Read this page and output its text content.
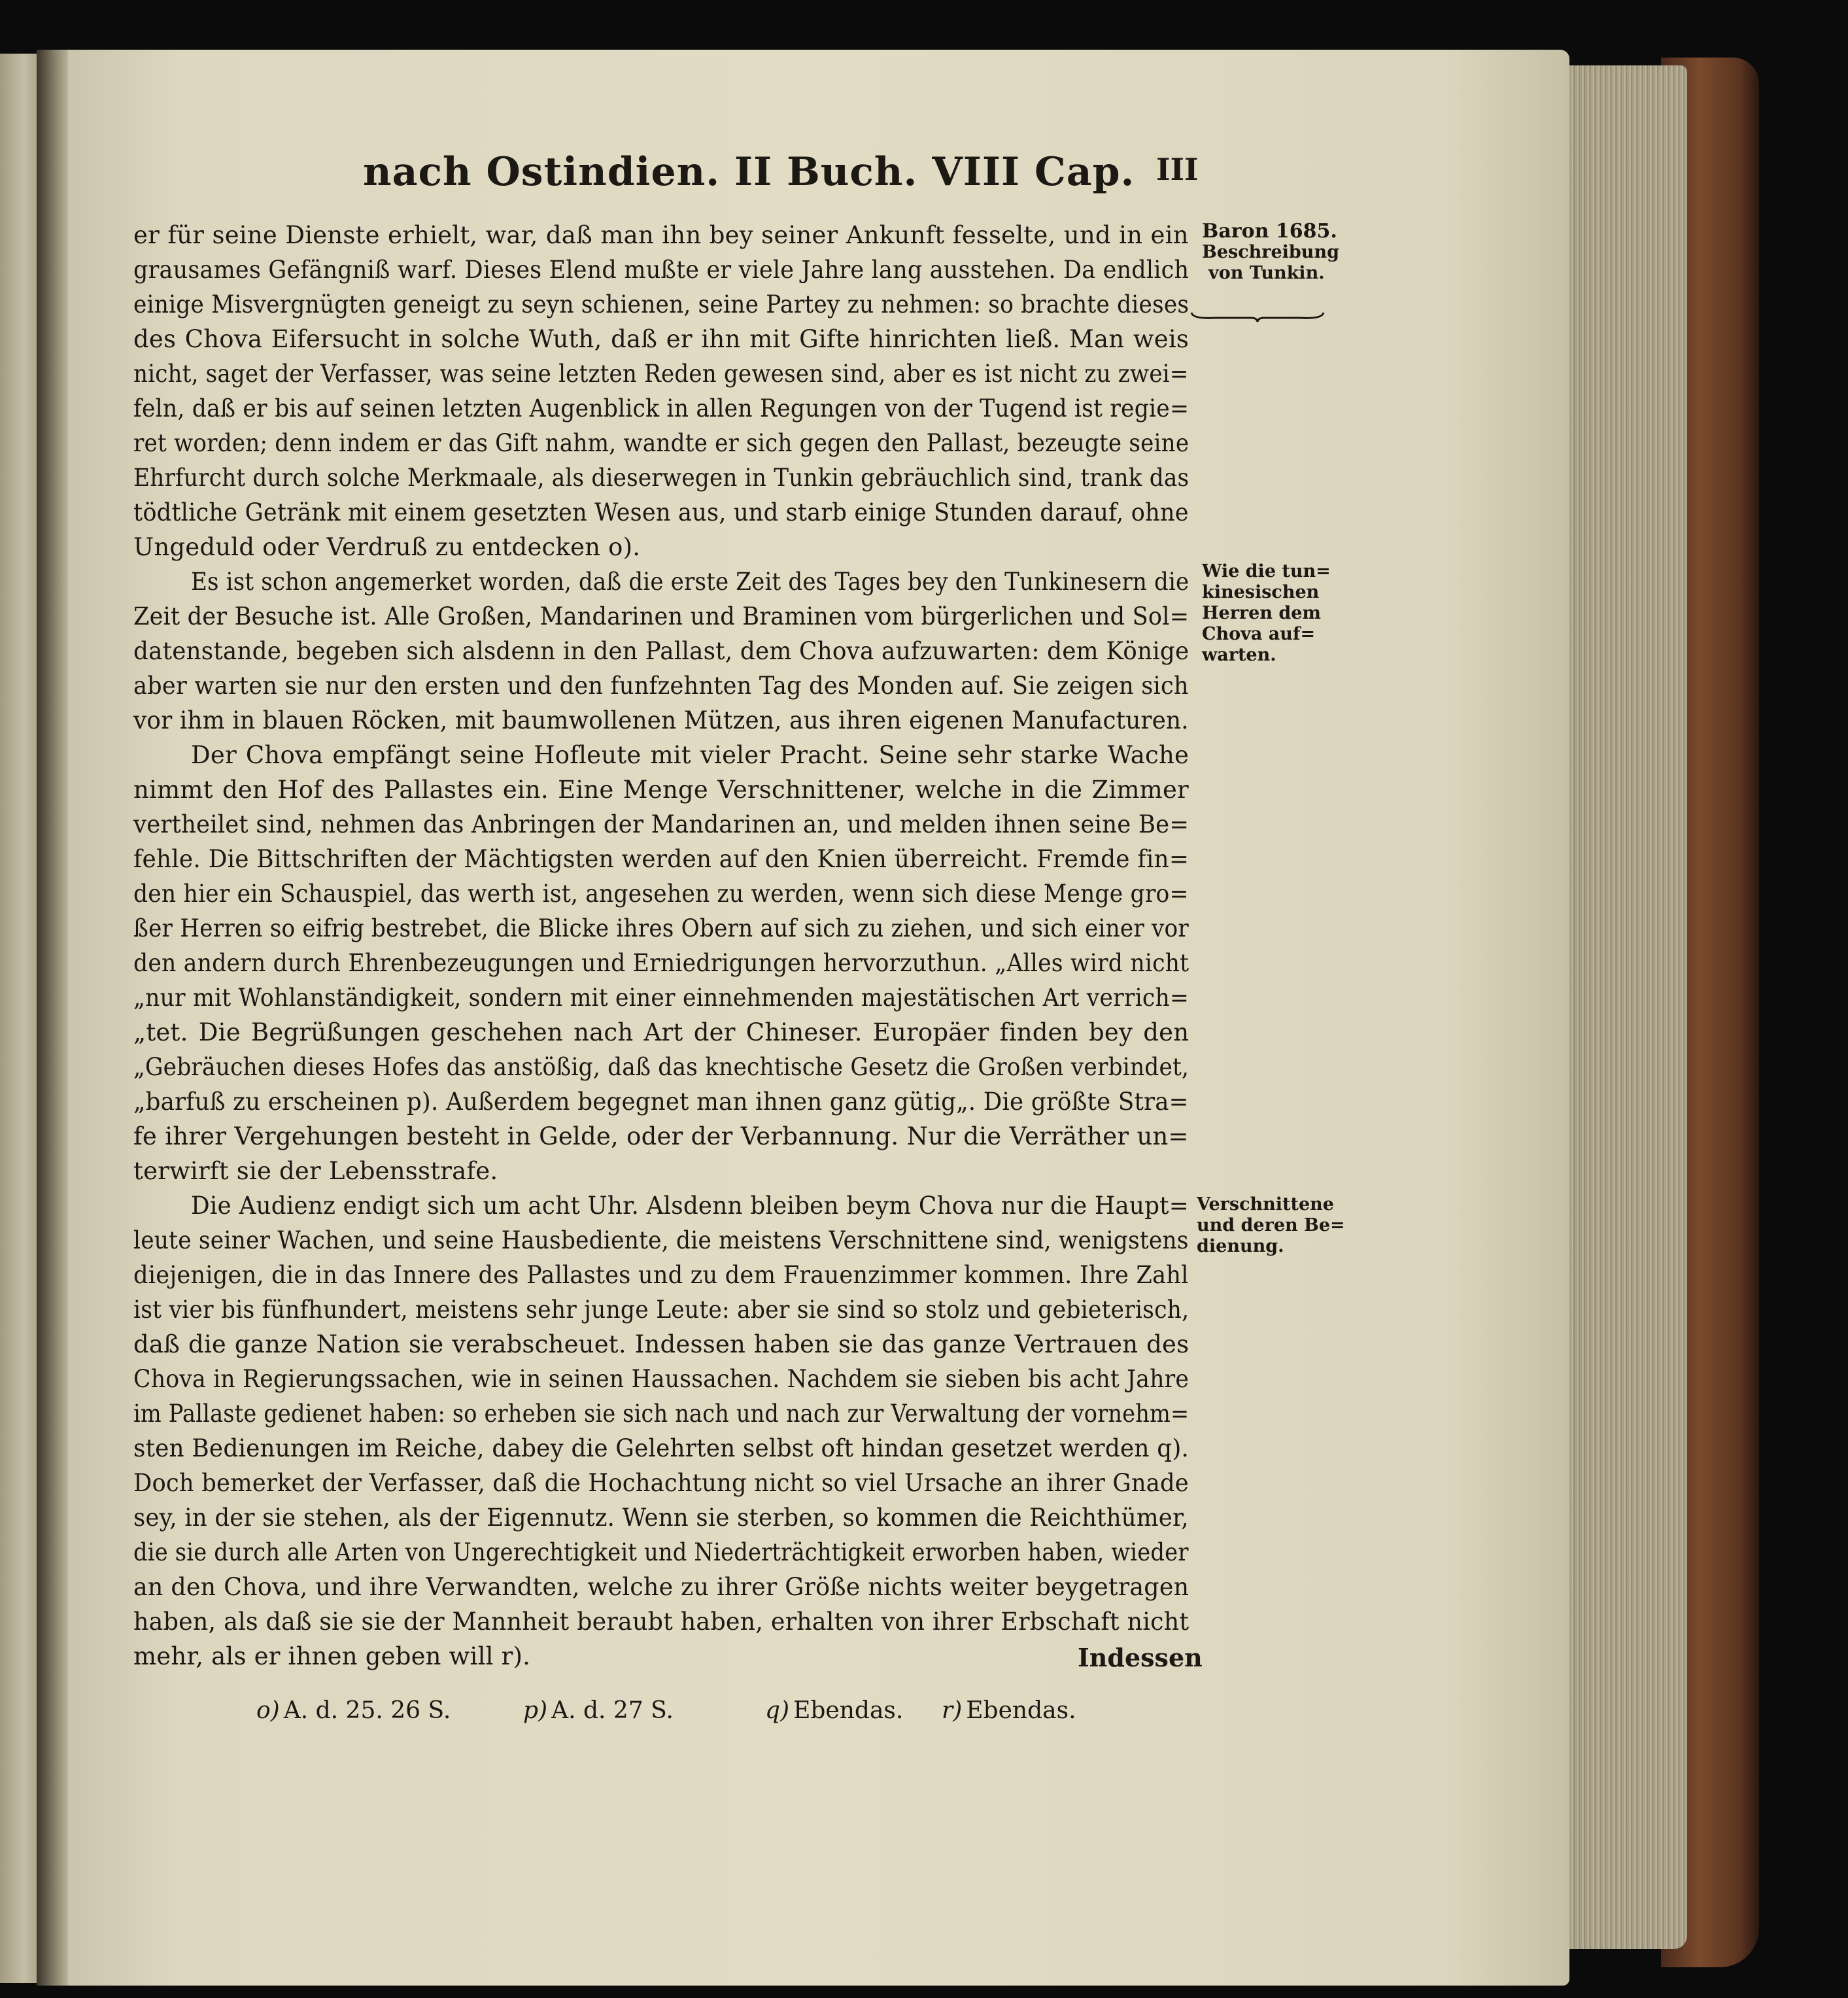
nach Ostindien. II Buch. VIII Cap. III
er für seine Dienste erhielt, war, daß man ihn bey seiner Ankunft fesselte, und in ein
grausames Gefängniß warf. Dieses Elend mußte er viele Jahre lang ausstehen. Da endlich
einige Misvergnügten geneigt zu seyn schienen, seine Partey zu nehmen: so brachte dieses
des Chova Eifersucht in solche Wuth, daß er ihn mit Gifte hinrichten ließ. Man weis
nicht, saget der Verfasser, was seine letzten Reden gewesen sind, aber es ist nicht zu zwei=
feln, daß er bis auf seinen letzten Augenblick in allen Regungen von der Tugend ist regie=
ret worden; denn indem er das Gift nahm, wandte er sich gegen den Pallast, bezeugte seine
Ehrfurcht durch solche Merkmaale, als dieserwegen in Tunkin gebräuchlich sind, trank das
tödtliche Getränk mit einem gesetzten Wesen aus, und starb einige Stunden darauf, ohne
Ungeduld oder Verdruß zu entdecken o).
Es ist schon angemerket worden, daß die erste Zeit des Tages bey den Tunkinesern die
Zeit der Besuche ist. Alle Großen, Mandarinen und Braminen vom bürgerlichen und Sol=
datenstande, begeben sich alsdenn in den Pallast, dem Chova aufzuwarten: dem Könige
aber warten sie nur den ersten und den funfzehnten Tag des Monden auf. Sie zeigen sich
vor ihm in blauen Röcken, mit baumwollenen Mützen, aus ihren eigenen Manufacturen.
Der Chova empfängt seine Hofleute mit vieler Pracht. Seine sehr starke Wache
nimmt den Hof des Pallastes ein. Eine Menge Verschnittener, welche in die Zimmer
vertheilet sind, nehmen das Anbringen der Mandarinen an, und melden ihnen seine Be=
fehle. Die Bittschriften der Mächtigsten werden auf den Knien überreicht. Fremde fin=
den hier ein Schauspiel, das werth ist, angesehen zu werden, wenn sich diese Menge gro=
ßer Herren so eifrig bestrebet, die Blicke ihres Obern auf sich zu ziehen, und sich einer vor
den andern durch Ehrenbezeugungen und Erniedrigungen hervorzuthun. „Alles wird nicht
„nur mit Wohlanständigkeit, sondern mit einer einnehmenden majestätischen Art verrich=
„tet. Die Begrüßungen geschehen nach Art der Chineser. Europäer finden bey den
„Gebräuchen dieses Hofes das anstößig, daß das knechtische Gesetz die Großen verbindet,
„barfuß zu erscheinen p). Außerdem begegnet man ihnen ganz gütig„. Die größte Stra=
fe ihrer Vergehungen besteht in Gelde, oder der Verbannung. Nur die Verräther un=
terwirft sie der Lebensstrafe.
Die Audienz endigt sich um acht Uhr. Alsdenn bleiben beym Chova nur die Haupt=
leute seiner Wachen, und seine Hausbediente, die meistens Verschnittene sind, wenigstens
diejenigen, die in das Innere des Pallastes und zu dem Frauenzimmer kommen. Ihre Zahl
ist vier bis fünfhundert, meistens sehr junge Leute: aber sie sind so stolz und gebieterisch,
daß die ganze Nation sie verabscheuet. Indessen haben sie das ganze Vertrauen des
Chova in Regierungssachen, wie in seinen Haussachen. Nachdem sie sieben bis acht Jahre
im Pallaste gedienet haben: so erheben sie sich nach und nach zur Verwaltung der vornehm=
sten Bedienungen im Reiche, dabey die Gelehrten selbst oft hindan gesetzet werden q).
Doch bemerket der Verfasser, daß die Hochachtung nicht so viel Ursache an ihrer Gnade
sey, in der sie stehen, als der Eigennutz. Wenn sie sterben, so kommen die Reichthümer,
die sie durch alle Arten von Ungerechtigkeit und Niederträchtigkeit erworben haben, wieder
an den Chova, und ihre Verwandten, welche zu ihrer Größe nichts weiter beygetragen
haben, als daß sie sie der Mannheit beraubt haben, erhalten von ihrer Erbschaft nicht
mehr, als er ihnen geben will r).
Baron 1685.
Beschreibung
von Tunkin.
Wie die tun=
kinesischen
Herren dem
Chova auf=
warten.
Verschnittene
und deren Be=
dienung.
Indessen
o) A. d. 25. 26 S.	p) A. d. 27 S.	q) Ebendas. r) Ebendas.
